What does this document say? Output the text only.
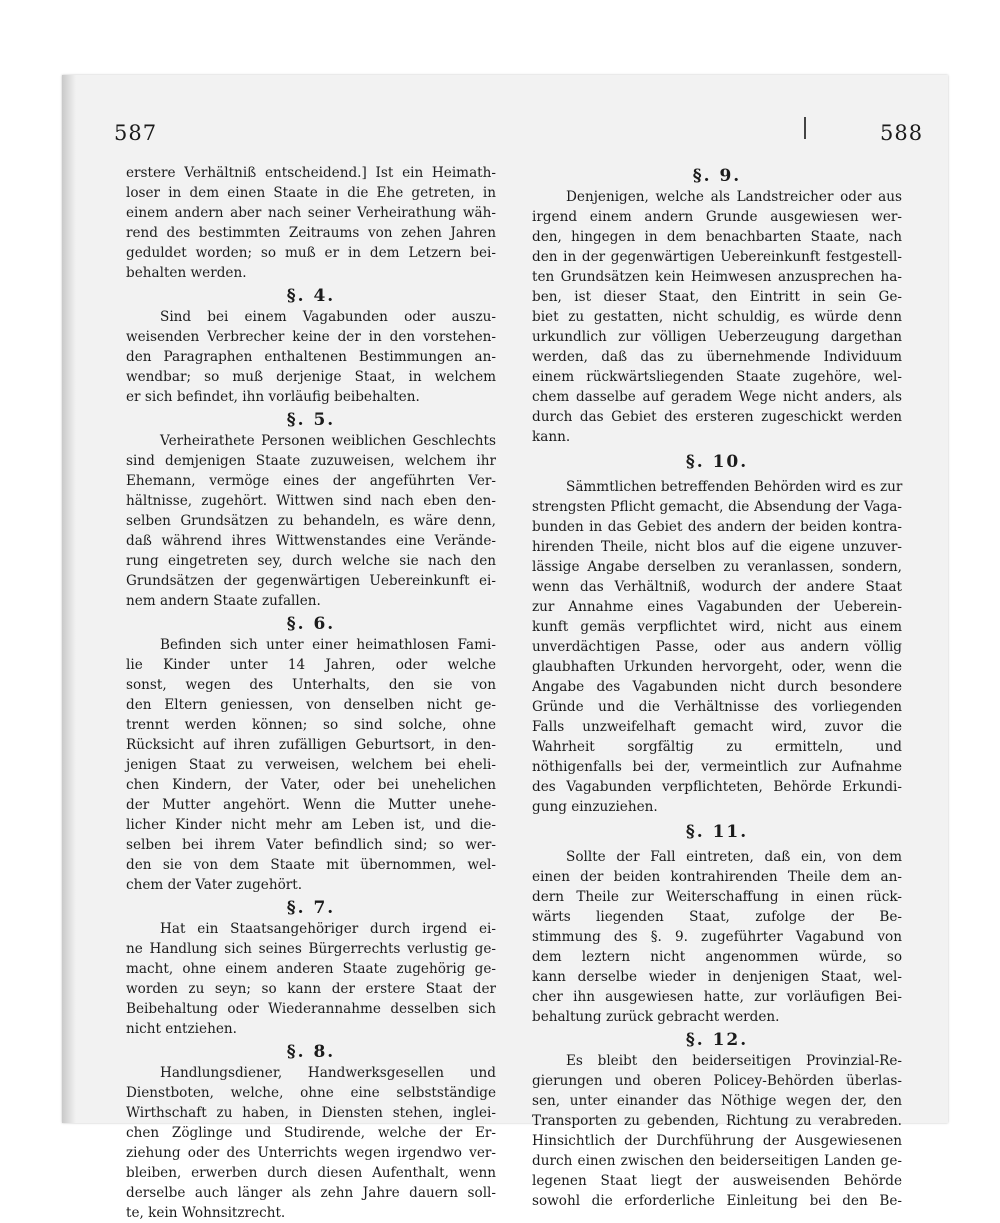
587	588
erstere Verhältniß entscheidend.] Ist ein Heimath-
loser in dem einen Staate in die Ehe getreten, in
einem andern aber nach seiner Verheirathung wäh-
rend des bestimmten Zeitraums von zehen Jahren
geduldet worden; so muß er in dem Letzern bei-
behalten werden.
§. 4.
Sind bei einem Vagabunden oder auszu-
weisenden Verbrecher keine der in den vorstehen-
den Paragraphen enthaltenen Bestimmungen an-
wendbar; so muß derjenige Staat, in welchem
er sich befindet, ihn vorläufig beibehalten.
§. 5.
Verheirathete Personen weiblichen Geschlechts
sind demjenigen Staate zuzuweisen, welchem ihr
Ehemann, vermöge eines der angeführten Ver-
hältnisse, zugehört. Wittwen sind nach eben den-
selben Grundsätzen zu behandeln, es wäre denn,
daß während ihres Wittwenstandes eine Verände-
rung eingetreten sey, durch welche sie nach den
Grundsätzen der gegenwärtigen Uebereinkunft ei-
nem andern Staate zufallen.
§. 6.
Befinden sich unter einer heimathlosen Fami-
lie Kinder unter 14 Jahren, oder welche
sonst, wegen des Unterhalts, den sie von
den Eltern geniessen, von denselben nicht ge-
trennt werden können; so sind solche, ohne
Rücksicht auf ihren zufälligen Geburtsort, in den-
jenigen Staat zu verweisen, welchem bei eheli-
chen Kindern, der Vater, oder bei unehelichen
der Mutter angehört. Wenn die Mutter unehe-
licher Kinder nicht mehr am Leben ist, und die-
selben bei ihrem Vater befindlich sind; so wer-
den sie von dem Staate mit übernommen, wel-
chem der Vater zugehört.
§. 7.
Hat ein Staatsangehöriger durch irgend ei-
ne Handlung sich seines Bürgerrechts verlustig ge-
macht, ohne einem anderen Staate zugehörig ge-
worden zu seyn; so kann der erstere Staat der
Beibehaltung oder Wiederannahme desselben sich
nicht entziehen.
§. 8.
Handlungsdiener, Handwerksgesellen und
Dienstboten, welche, ohne eine selbstständige
Wirthschaft zu haben, in Diensten stehen, inglei-
chen Zöglinge und Studirende, welche der Er-
ziehung oder des Unterrichts wegen irgendwo ver-
bleiben, erwerben durch diesen Aufenthalt, wenn
derselbe auch länger als zehn Jahre dauern soll-
te, kein Wohnsitzrecht.
§. 9.
Denjenigen, welche als Landstreicher oder aus
irgend einem andern Grunde ausgewiesen wer-
den, hingegen in dem benachbarten Staate, nach
den in der gegenwärtigen Uebereinkunft festgestell-
ten Grundsätzen kein Heimwesen anzusprechen ha-
ben, ist dieser Staat, den Eintritt in sein Ge-
biet zu gestatten, nicht schuldig, es würde denn
urkundlich zur völligen Ueberzeugung dargethan
werden, daß das zu übernehmende Individuum
einem rückwärtsliegenden Staate zugehöre, wel-
chem dasselbe auf geradem Wege nicht anders, als
durch das Gebiet des ersteren zugeschickt werden
kann.
§. 10.
Sämmtlichen betreffenden Behörden wird es zur
strengsten Pflicht gemacht, die Absendung der Vaga-
bunden in das Gebiet des andern der beiden kontra-
hirenden Theile, nicht blos auf die eigene unzuver-
lässige Angabe derselben zu veranlassen, sondern,
wenn das Verhältniß, wodurch der andere Staat
zur Annahme eines Vagabunden der Ueberein-
kunft gemäs verpflichtet wird, nicht aus einem
unverdächtigen Passe, oder aus andern völlig
glaubhaften Urkunden hervorgeht, oder, wenn die
Angabe des Vagabunden nicht durch besondere
Gründe und die Verhältnisse des vorliegenden
Falls unzweifelhaft gemacht wird, zuvor die
Wahrheit sorgfältig zu ermitteln, und
nöthigenfalls bei der, vermeintlich zur Aufnahme
des Vagabunden verpflichteten, Behörde Erkundi-
gung einzuziehen.
§. 11.
Sollte der Fall eintreten, daß ein, von dem
einen der beiden kontrahirenden Theile dem an-
dern Theile zur Weiterschaffung in einen rück-
wärts liegenden Staat, zufolge der Be-
stimmung des §. 9. zugeführter Vagabund von
dem leztern nicht angenommen würde, so
kann derselbe wieder in denjenigen Staat, wel-
cher ihn ausgewiesen hatte, zur vorläufigen Bei-
behaltung zurück gebracht werden.
§. 12.
Es bleibt den beiderseitigen Provinzial-Re-
gierungen und oberen Policey-Behörden überlas-
sen, unter einander das Nöthige wegen der, den
Transporten zu gebenden, Richtung zu verabreden.
Hinsichtlich der Durchführung der Ausgewiesenen
durch einen zwischen den beiderseitigen Landen ge-
legenen Staat liegt der ausweisenden Behörde
sowohl die erforderliche Einleitung bei den Be-
